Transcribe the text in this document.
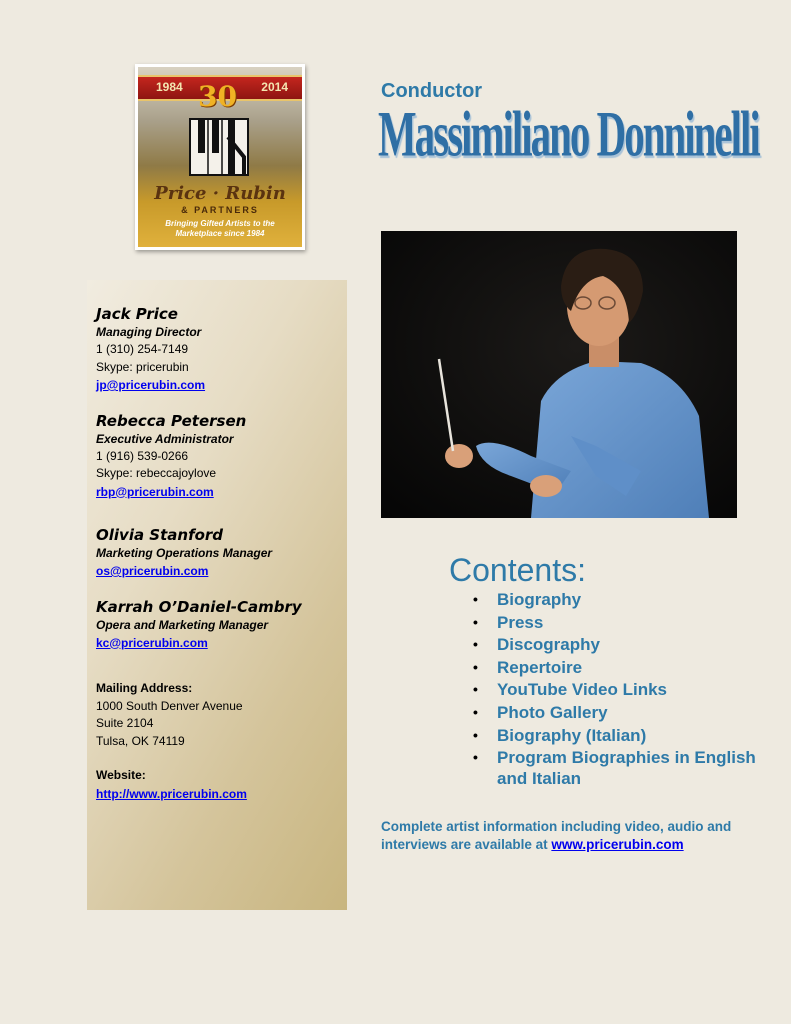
1984 30 2014
Price · Rubin
& PARTNERS
Bringing Gifted Artists to the Marketplace since 1984
Jack Price
Managing Director
1 (310) 254-7149
Skype: pricerubin
jp@pricerubin.com
Rebecca Petersen
Executive Administrator
1 (916) 539-0266
Skype: rebeccajoylove
rbp@pricerubin.com
Olivia Stanford
Marketing Operations Manager
os@pricerubin.com
Karrah O’Daniel-Cambry
Opera and Marketing Manager
kc@pricerubin.com
Mailing Address:
1000 South Denver Avenue
Suite 2104
Tulsa, OK 74119
Website:
http://www.pricerubin.com
Conductor
Massimiliano Donninelli
Contents:
• Biography
• Press
• Discography
• Repertoire
• YouTube Video Links
• Photo Gallery
• Biography (Italian)
• Program Biographies in English and Italian
Complete artist information including video, audio and interviews are available at www.pricerubin.com
